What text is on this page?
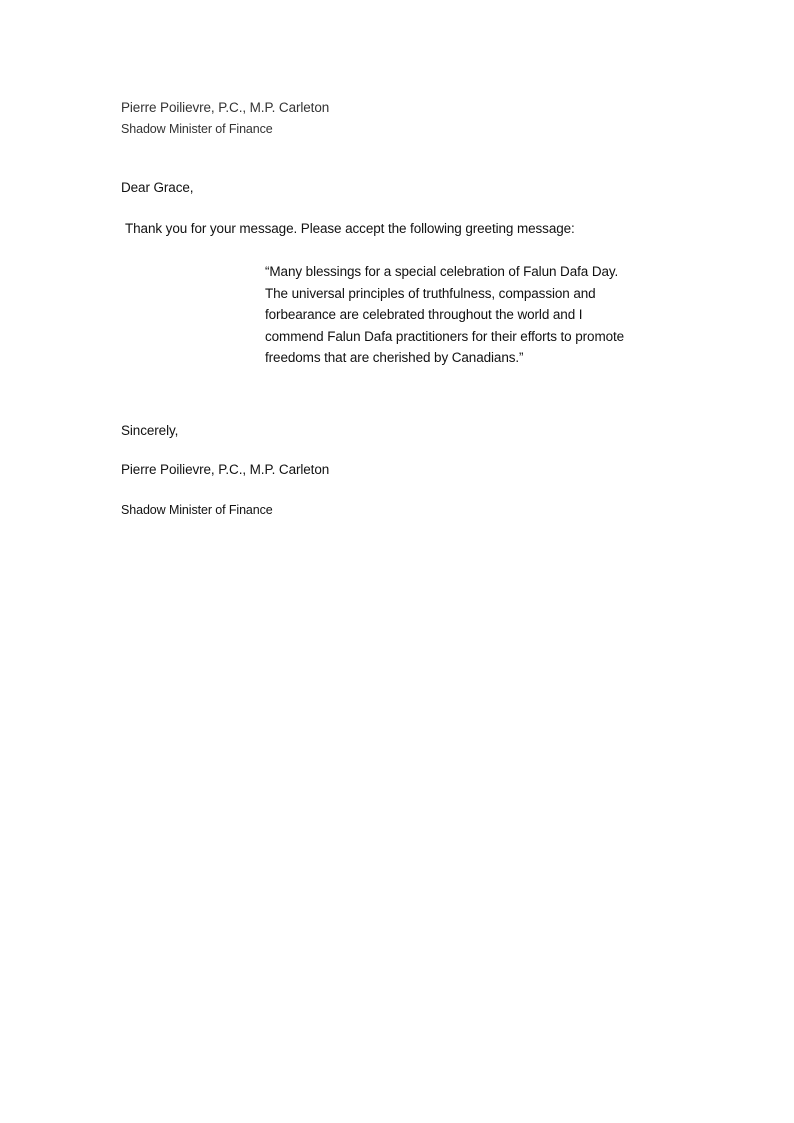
Pierre Poilievre, P.C., M.P. Carleton
Shadow Minister of Finance
Dear Grace,
Thank you for your message. Please accept the following greeting message:
“Many blessings for a special celebration of Falun Dafa Day.
The universal principles of truthfulness, compassion and
forbearance are celebrated throughout the world and I
commend Falun Dafa practitioners for their efforts to promote
freedoms that are cherished by Canadians.”
Sincerely,
Pierre Poilievre, P.C., M.P. Carleton
Shadow Minister of Finance
